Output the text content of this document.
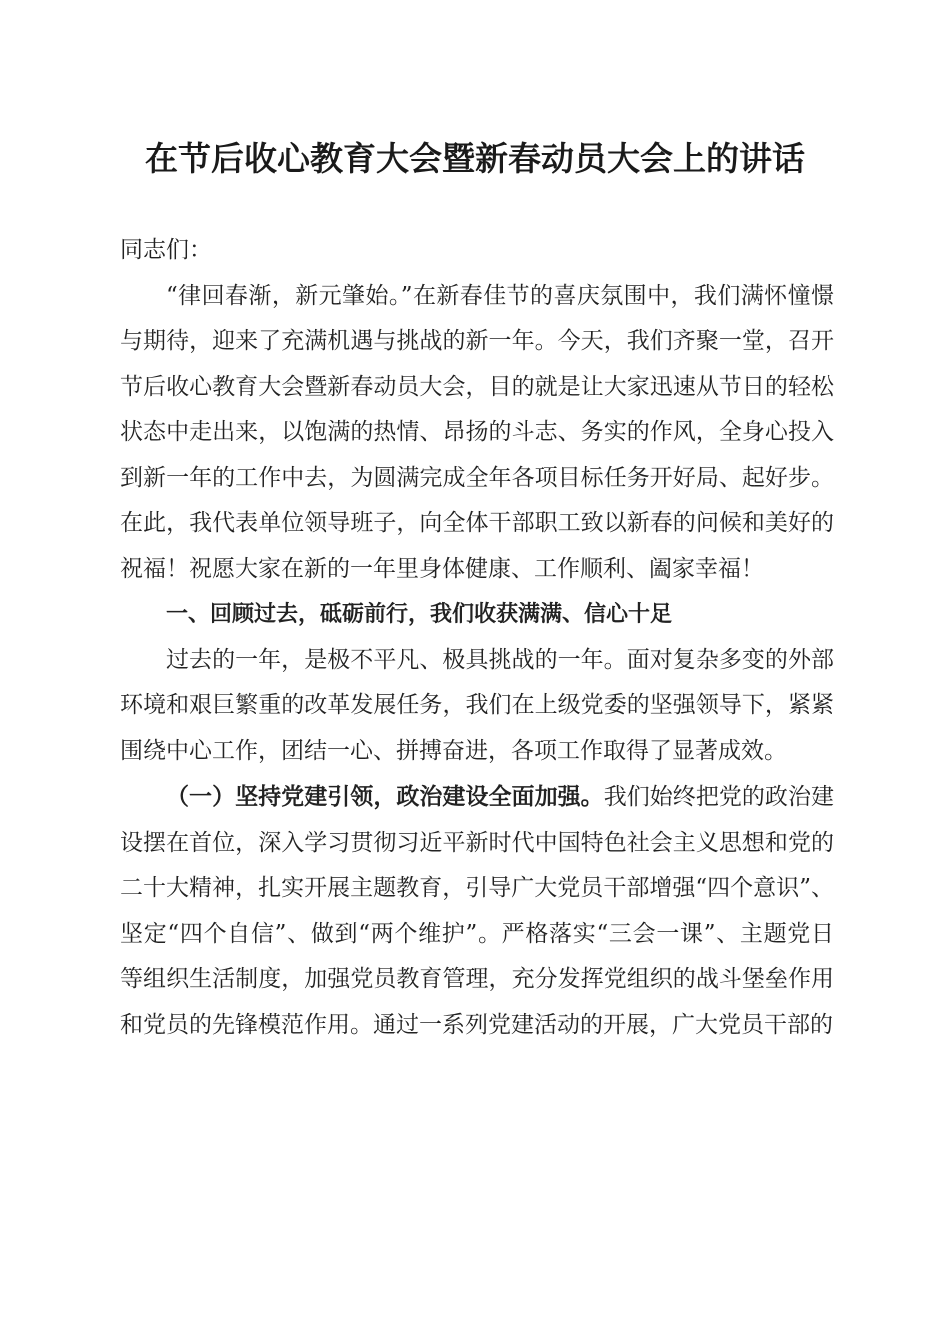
在节后收心教育大会暨新春动员大会上的讲话

同志们：

“律回春渐，新元肇始。”在新春佳节的喜庆氛围中，我们满怀憧憬与期待，迎来了充满机遇与挑战的新一年。今天，我们齐聚一堂，召开节后收心教育大会暨新春动员大会，目的就是让大家迅速从节日的轻松状态中走出来，以饱满的热情、昂扬的斗志、务实的作风，全身心投入到新一年的工作中去，为圆满完成全年各项目标任务开好局、起好步。在此，我代表单位领导班子，向全体干部职工致以新春的问候和美好的祝福！祝愿大家在新的一年里身体健康、工作顺利、阖家幸福！

一、回顾过去，砥砺前行，我们收获满满、信心十足

过去的一年，是极不平凡、极具挑战的一年。面对复杂多变的外部环境和艰巨繁重的改革发展任务，我们在上级党委的坚强领导下，紧紧围绕中心工作，团结一心、拼搏奋进，各项工作取得了显著成效。

（一）坚持党建引领，政治建设全面加强。我们始终把党的政治建设摆在首位，深入学习贯彻习近平新时代中国特色社会主义思想和党的二十大精神，扎实开展主题教育，引导广大党员干部增强“四个意识”、坚定“四个自信”、做到“两个维护”。严格落实“三会一课”、主题党日等组织生活制度，加强党员教育管理，充分发挥党组织的战斗堡垒作用和党员的先锋模范作用。通过一系列党建活动的开展，广大党员干部的
